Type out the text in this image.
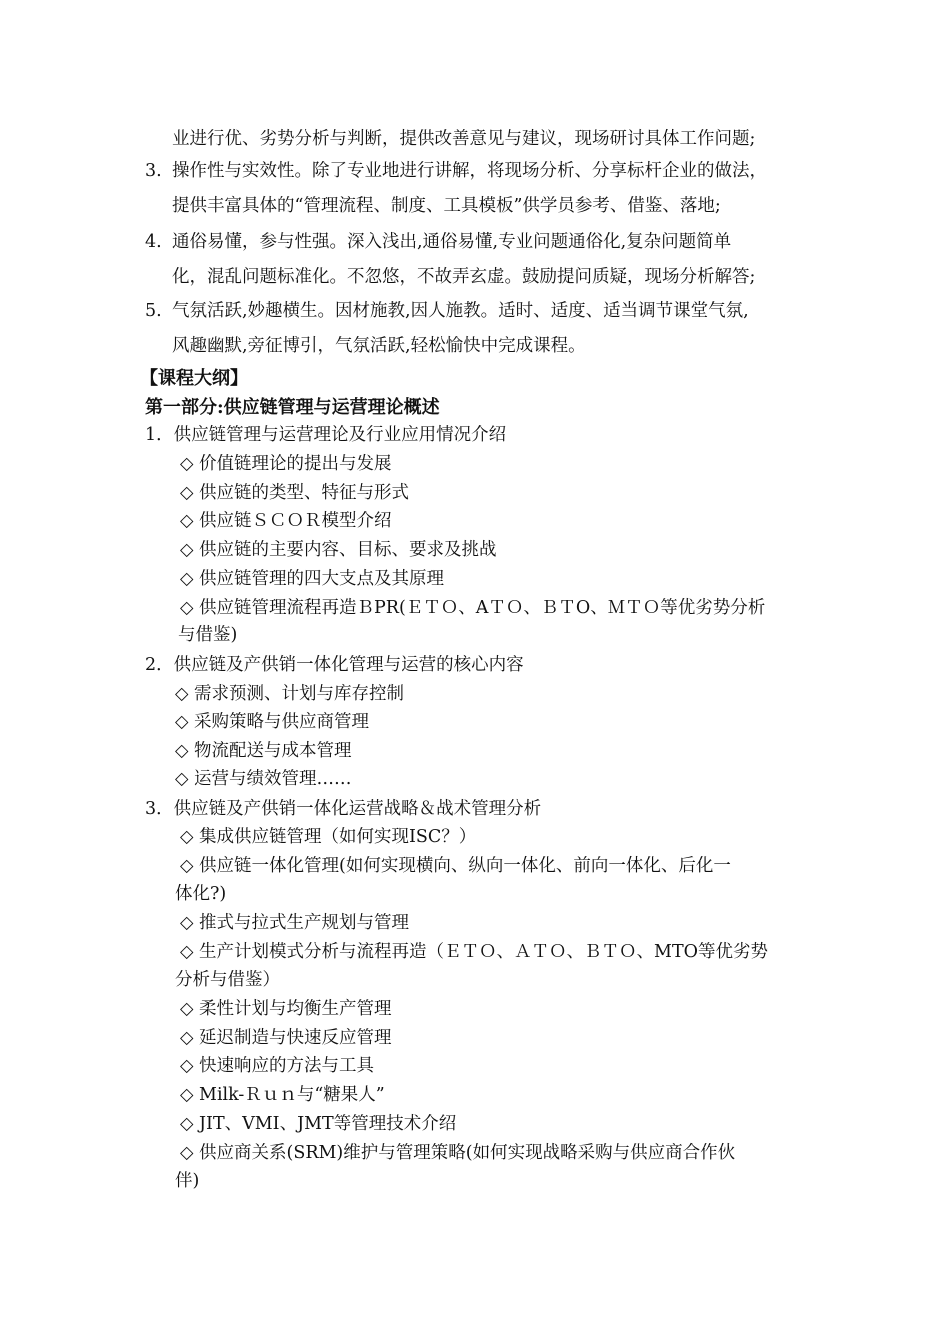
业进行优、劣势分析与判断，提供改善意见与建议，现场研讨具体工作问题;
3. 操作性与实效性。除了专业地进行讲解，将现场分析、分享标杆企业的做法，
提供丰富具体的“管理流程、制度、工具模板”供学员参考、借鉴、落地;
4. 通俗易懂，参与性强。深入浅出,通俗易懂,专业问题通俗化,复杂问题简单
化，混乱问题标准化。不忽悠，不故弄玄虚。鼓励提问质疑，现场分析解答;
5. 气氛活跃,妙趣横生。因材施教,因人施教。适时、适度、适当调节课堂气氛,
风趣幽默,旁征博引，气氛活跃,轻松愉快中完成课程。
【课程大纲】
第一部分:供应链管理与运营理论概述
1．供应链管理与运营理论及行业应用情况介绍
◇ 价值链理论的提出与发展
◇ 供应链的类型、特征与形式
◇ 供应链ＳＣＯＲ模型介绍
◇ 供应链的主要内容、目标、要求及挑战
◇ 供应链管理的四大支点及其原理
◇ 供应链管理流程再造ＢPR(ＥＴＯ、AＴＯ、ＢＴO、ＭＴＯ等优劣势分析
与借鉴)
2．供应链及产供销一体化管理与运营的核心内容
◇ 需求预测、计划与库存控制
◇ 采购策略与供应商管理
◇ 物流配送与成本管理
◇ 运营与绩效管理……
3．供应链及产供销一体化运营战略＆战术管理分析
◇ 集成供应链管理（如何实现ISC？）
◇ 供应链一体化管理(如何实现横向、纵向一体化、前向一体化、后化一
体化?)
◇ 推式与拉式生产规划与管理
◇ 生产计划模式分析与流程再造（ＥＴＯ、ＡＴＯ、ＢＴＯ、MTO等优劣势
分析与借鉴）
◇ 柔性计划与均衡生产管理
◇ 延迟制造与快速反应管理
◇ 快速响应的方法与工具
◇ Milk-Ｒｕｎ与“糖果人”
◇ JIT、VMI、JMT等管理技术介绍
◇ 供应商关系(SRM)维护与管理策略(如何实现战略采购与供应商合作伙
伴)
